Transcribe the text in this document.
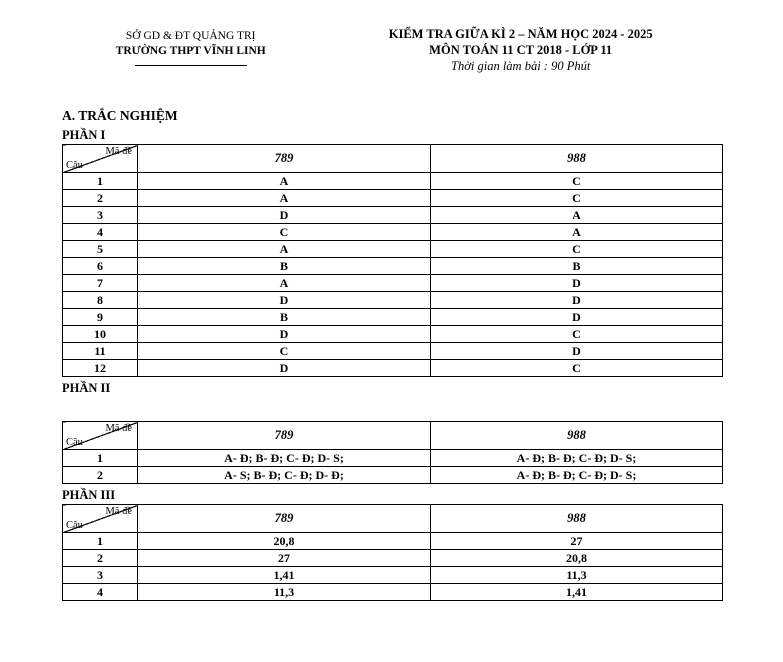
SỞ GD & ĐT QUẢNG TRỊ
TRƯỜNG THPT VĨNH LINH
KIỂM TRA GIỮA KÌ 2 – NĂM HỌC 2024 - 2025
MÔN TOÁN 11 CT 2018 - LỚP 11
Thời gian làm bài : 90 Phút
A. TRẮC NGHIỆM
PHẦN I
Mã đề
Câu	789	988
1	A	C
2	A	C
3	D	A
4	C	A
5	A	C
6	B	B
7	A	D
8	D	D
9	B	D
10	D	C
11	C	D
12	D	C
PHẦN II
Mã đề
Câu	789	988
1	A- Đ; B- Đ; C- Đ; D- S;	A- Đ; B- Đ; C- Đ; D- S;
2	A- S; B- Đ; C- Đ; D- Đ;	A- Đ; B- Đ; C- Đ; D- S;
PHẦN III
Mã đề
Câu	789	988
1	20,8	27
2	27	20,8
3	1,41	11,3
4	11,3	1,41
